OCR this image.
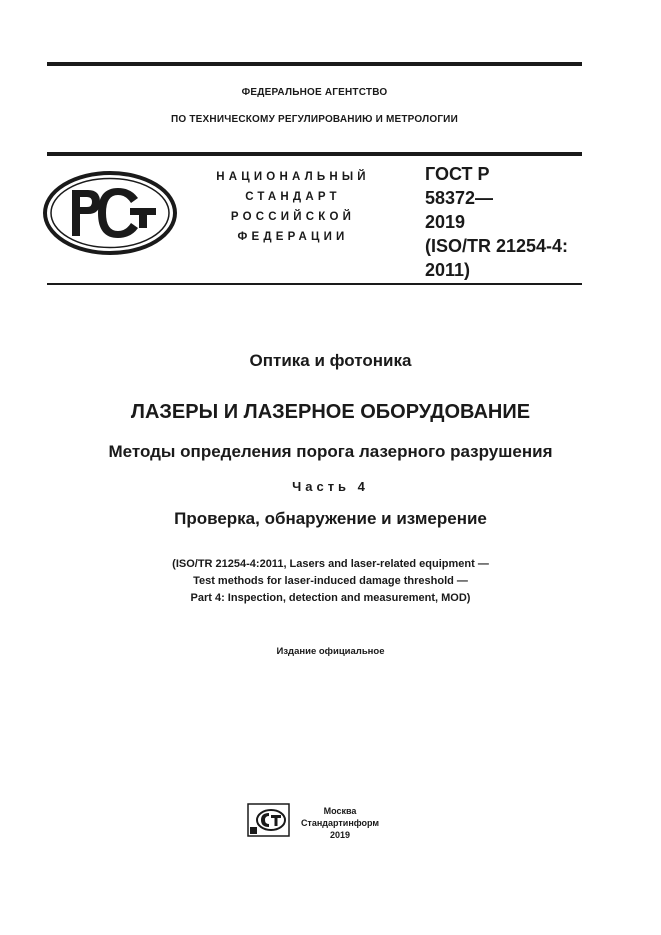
ФЕДЕРАЛЬНОЕ АГЕНТСТВО
ПО ТЕХНИЧЕСКОМУ РЕГУЛИРОВАНИЮ И МЕТРОЛОГИИ
НАЦИОНАЛЬНЫЙ
СТАНДАРТ
РОССИЙСКОЙ
ФЕДЕРАЦИИ
ГОСТ Р
58372—
2019
(ISO/TR 21254-4:
2011)
Оптика и фотоника
ЛАЗЕРЫ И ЛАЗЕРНОЕ ОБОРУДОВАНИЕ
Методы определения порога лазерного разрушения
Часть 4
Проверка, обнаружение и измерение
(ISO/TR 21254-4:2011, Lasers and laser-related equipment —
Test methods for laser-induced damage threshold —
Part 4: Inspection, detection and measurement, MOD)
Издание официальное
Москва
Стандартинформ
2019
